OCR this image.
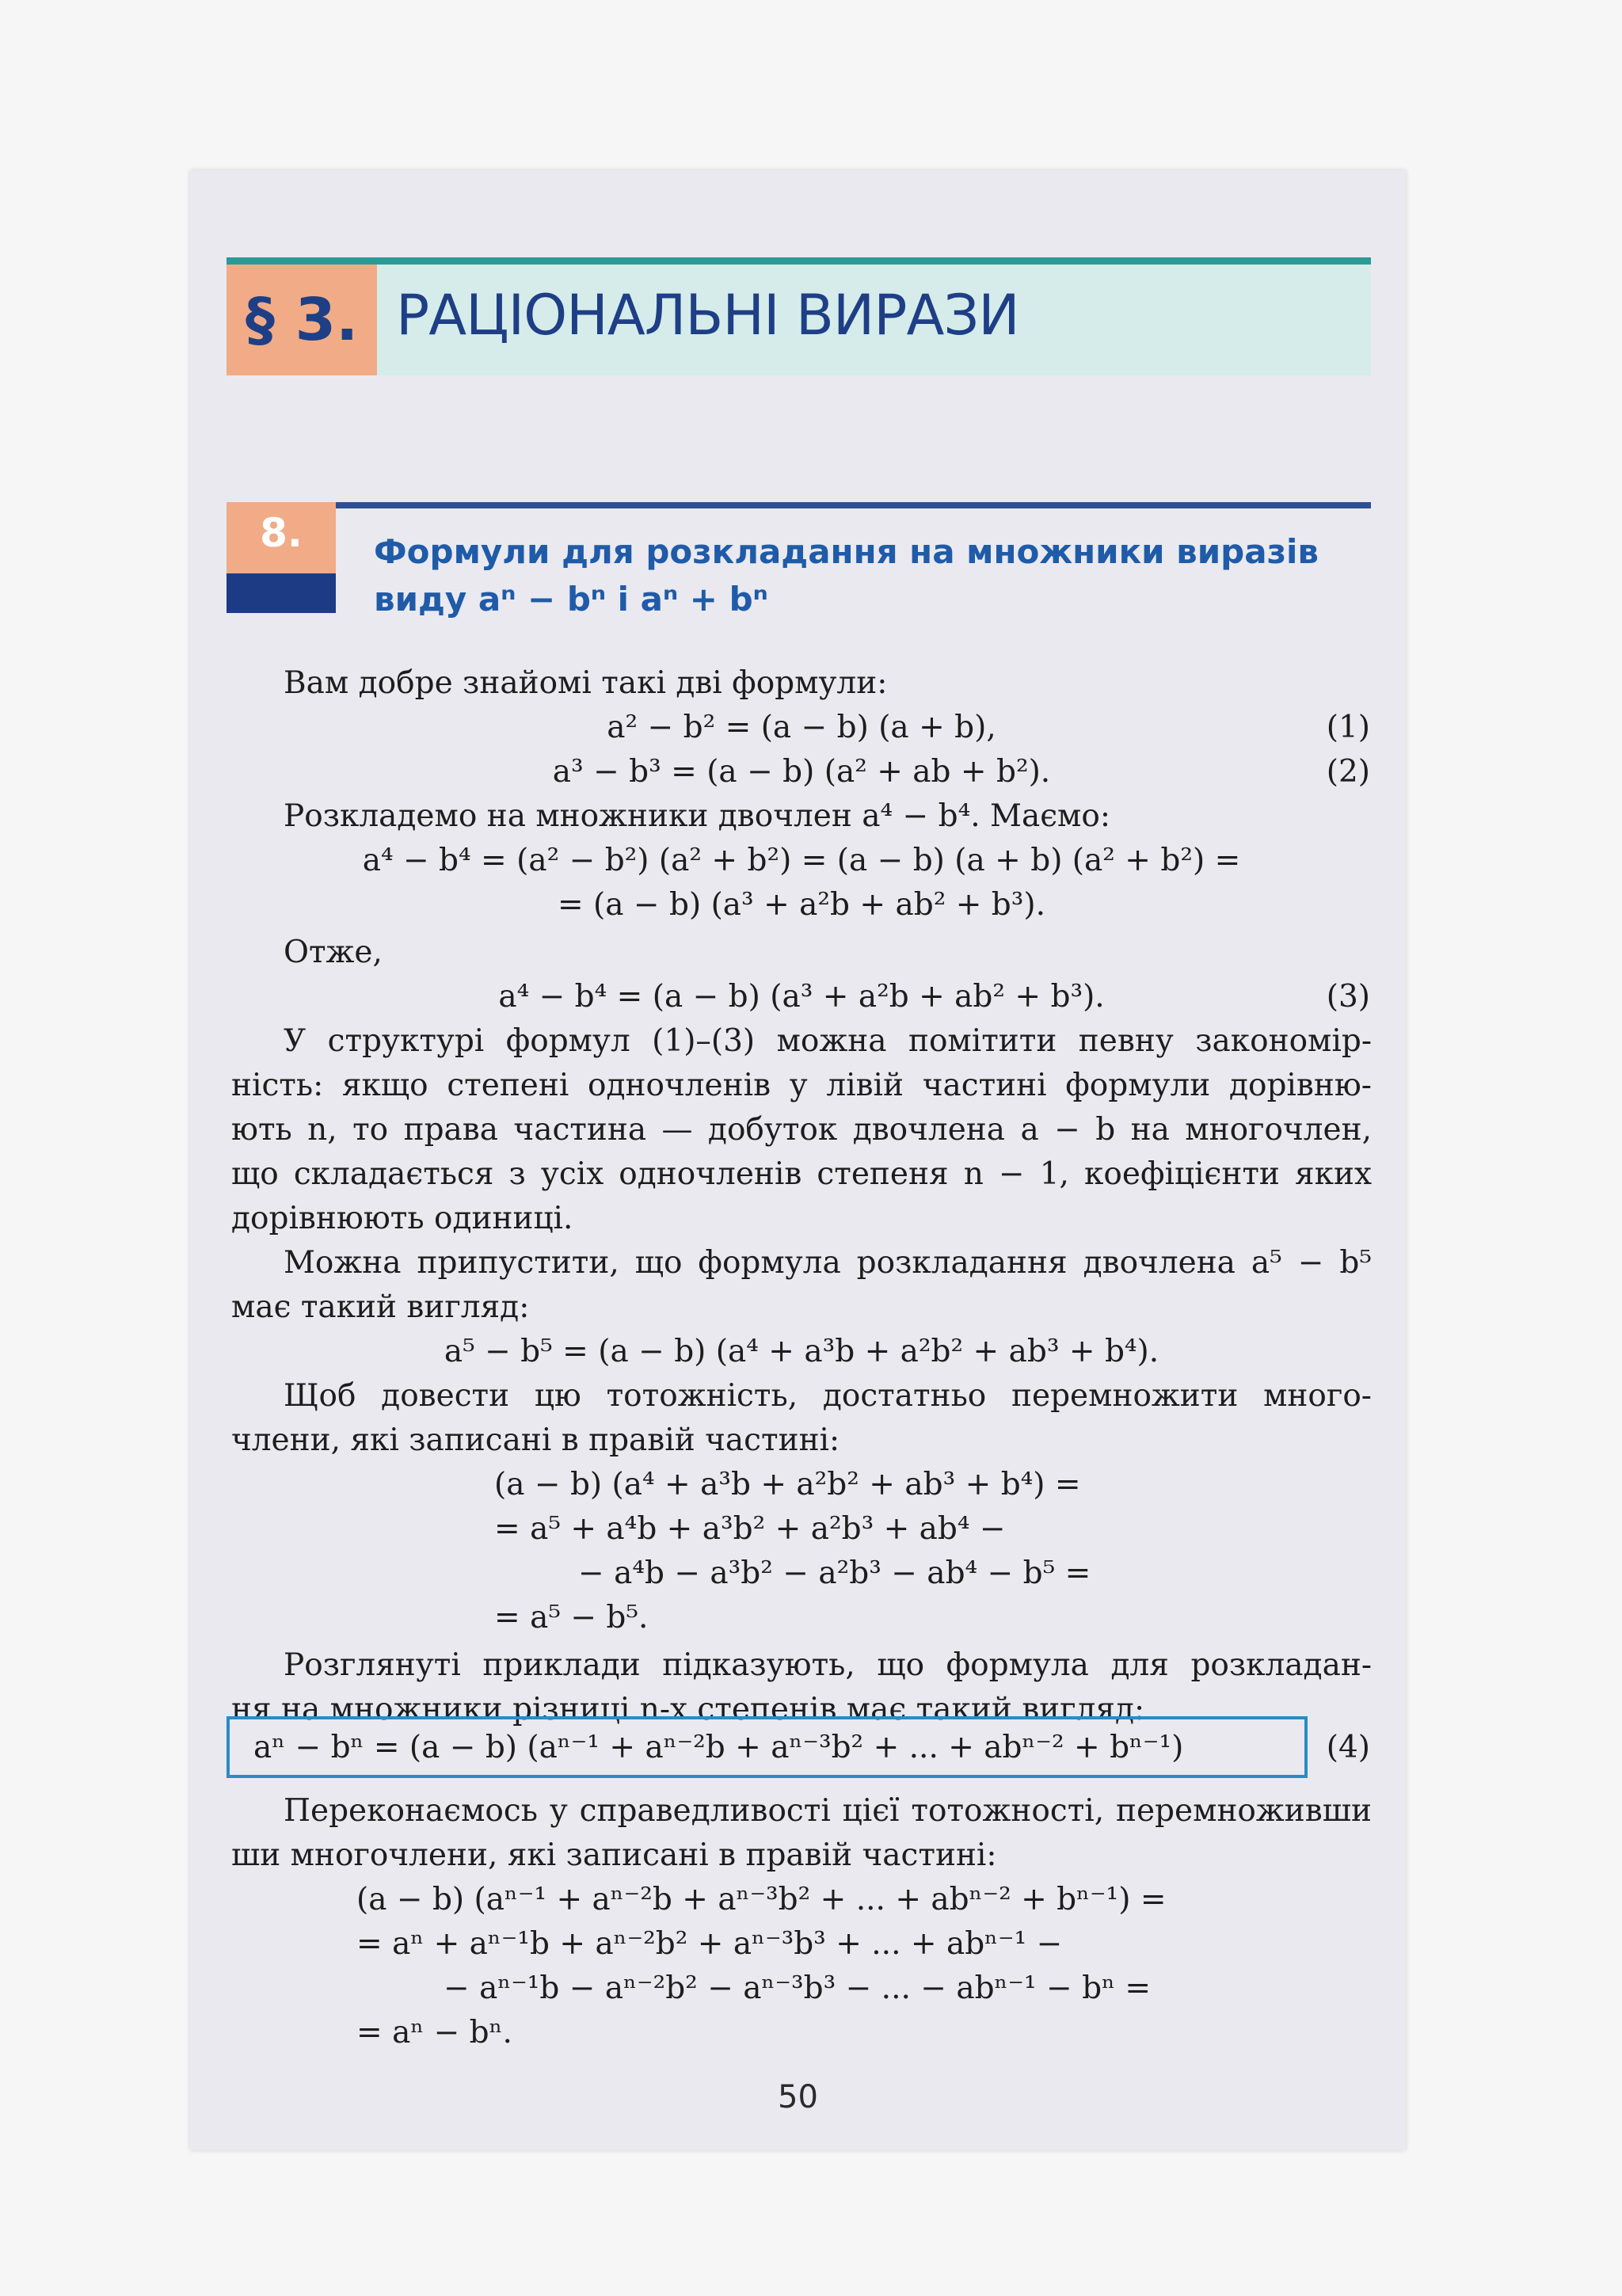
§ 3. РАЦІОНАЛЬНІ ВИРАЗИ
8.	Формули для розкладання на множники виразів
виду aⁿ − bⁿ і aⁿ + bⁿ
Вам добре знайомі такі дві формули:
a² − b² = (a − b) (a + b),	(1)
a³ − b³ = (a − b) (a² + ab + b²).	(2)
Розкладемо на множники двочлен a⁴ − b⁴. Маємо:
a⁴ − b⁴ = (a² − b²) (a² + b²) = (a − b) (a + b) (a² + b²) =
= (a − b) (a³ + a²b + ab² + b³).
Отже,
a⁴ − b⁴ = (a − b) (a³ + a²b + ab² + b³).	(3)
У структурі формул (1)–(3) можна помітити певну закономір-
ність: якщо степені одночленів у лівій частині формули дорівню-
ють n, то права частина — добуток двочлена a − b на многочлен,
що складається з усіх одночленів степеня n − 1, коефіцієнти яких
дорівнюють одиниці.
Можна припустити, що формула розкладання двочлена a⁵ − b⁵
має такий вигляд:
a⁵ − b⁵ = (a − b) (a⁴ + a³b + a²b² + ab³ + b⁴).
Щоб довести цю тотожність, достатньо перемножити много-
члени, які записані в правій частині:
(a − b) (a⁴ + a³b + a²b² + ab³ + b⁴) =
= a⁵ + a⁴b + a³b² + a²b³ + ab⁴ −
− a⁴b − a³b² − a²b³ − ab⁴ − b⁵ =
= a⁵ − b⁵.
Розглянуті приклади підказують, що формула для розкладан-
ня на множники різниці n-х степенів має такий вигляд:
aⁿ − bⁿ = (a − b) (aⁿ⁻¹ + aⁿ⁻²b + aⁿ⁻³b² + ... + abⁿ⁻² + bⁿ⁻¹)	(4)
Переконаємось у справедливості цієї тотожності, перемноживши
ши многочлени, які записані в правій частині:
(a − b) (aⁿ⁻¹ + aⁿ⁻²b + aⁿ⁻³b² + ... + abⁿ⁻² + bⁿ⁻¹) =
= aⁿ + aⁿ⁻¹b + aⁿ⁻²b² + aⁿ⁻³b³ + ... + abⁿ⁻¹ −
− aⁿ⁻¹b − aⁿ⁻²b² − aⁿ⁻³b³ − ... − abⁿ⁻¹ − bⁿ =
= aⁿ − bⁿ.
50
